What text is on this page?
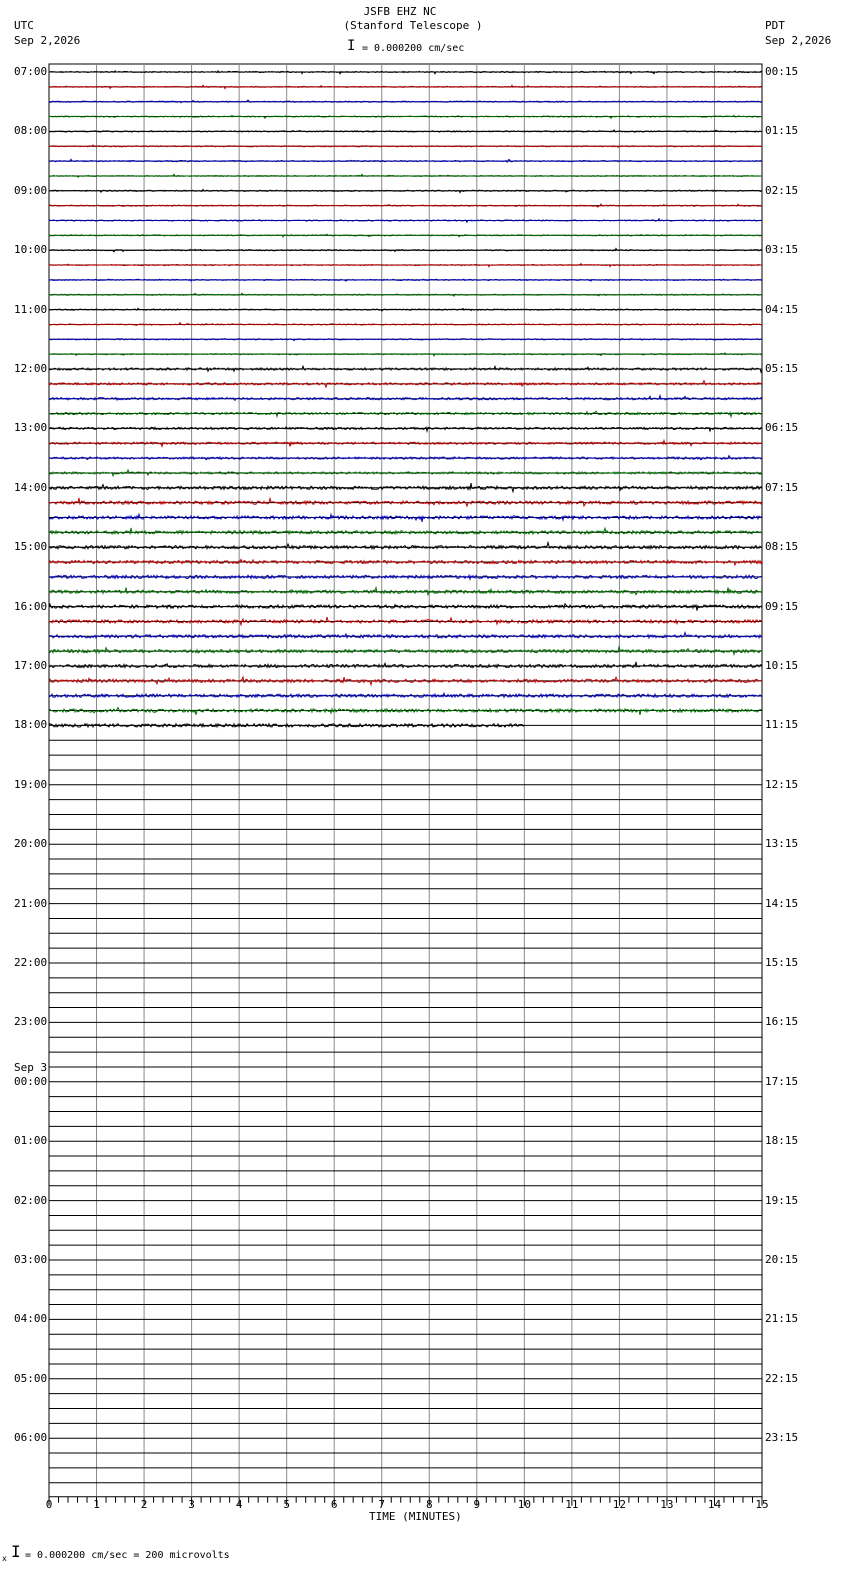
JSFB EHZ NC
(Stanford Telescope )
I = 0.000200 cm/sec
UTC
Sep 2,2026
PDT
Sep 2,2026
07:00
08:00
09:00
10:00
11:00
12:00
13:00
14:00
15:00
16:00
17:00
18:00
19:00
20:00
21:00
22:00
23:00
Sep 3
00:00
01:00
02:00
03:00
04:00
05:00
06:00
00:15
01:15
02:15
03:15
04:15
05:15
06:15
07:15
08:15
09:15
10:15
11:15
12:15
13:15
14:15
15:15
16:15
17:15
18:15
19:15
20:15
21:15
22:15
23:15
0	1	2	3	4	5	6	7	8	9	10	11	12	13	14	15
TIME (MINUTES)
x I = 0.000200 cm/sec = 200 microvolts
